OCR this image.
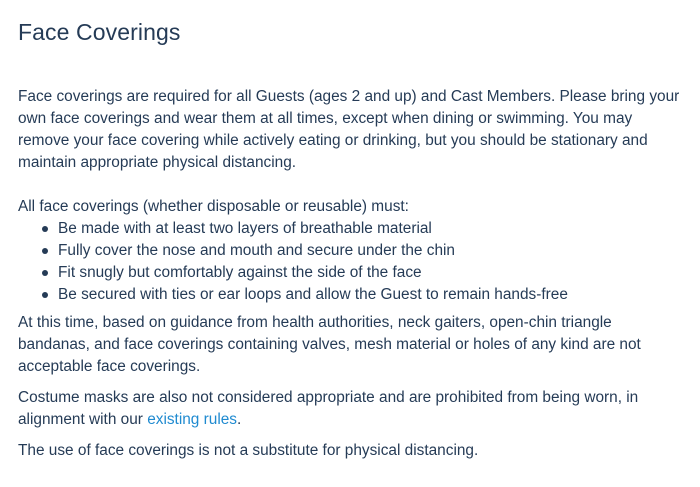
Face Coverings

Face coverings are required for all Guests (ages 2 and up) and Cast Members. Please bring your own face coverings and wear them at all times, except when dining or swimming. You may remove your face covering while actively eating or drinking, but you should be stationary and maintain appropriate physical distancing.

All face coverings (whether disposable or reusable) must:

Be made with at least two layers of breathable material
Fully cover the nose and mouth and secure under the chin
Fit snugly but comfortably against the side of the face
Be secured with ties or ear loops and allow the Guest to remain hands-free

At this time, based on guidance from health authorities, neck gaiters, open-chin triangle bandanas, and face coverings containing valves, mesh material or holes of any kind are not acceptable face coverings.

Costume masks are also not considered appropriate and are prohibited from being worn, in alignment with our existing rules.

The use of face coverings is not a substitute for physical distancing.
